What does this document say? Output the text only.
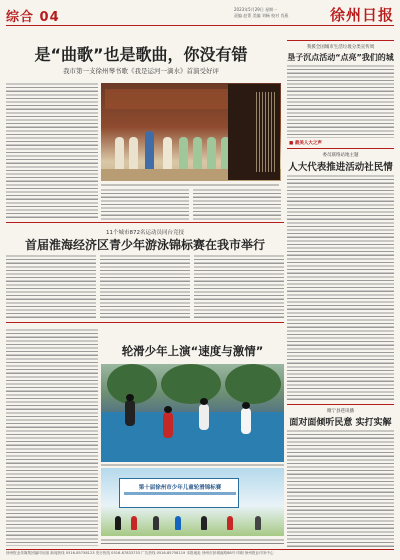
综合 04
2023年5月29日 星期一
责编 赵菁 美编 刘畅 校对 肖燕	徐州日报
是“曲歌”也是歌曲，你没有错
我市第一支徐州琴书歌《我是运河一滴水》首演受好评
我援全国城市生活垃圾分类宣传周
垦子沉点活动“点亮”我们的城
■ 最美人大之声
委员联络站地主题
人大代表推进活动社民情
睢宁县巷讯播
面对面倾听民意 实打实解
11个城市872名运动员同台竞技
首届淮海经济区青少年游泳锦标赛在我市举行
轮滑少年上演“速度与激情”
第十届徐州市少年儿童轮滑锦标赛
徐州报业传媒集团编印出版 新闻热线 0516-85758123 发行热线 0516-87833733 广告热线 0516-85758119 本报地址 徐州市彭城南路88号 印刷 徐州报业印务中心
